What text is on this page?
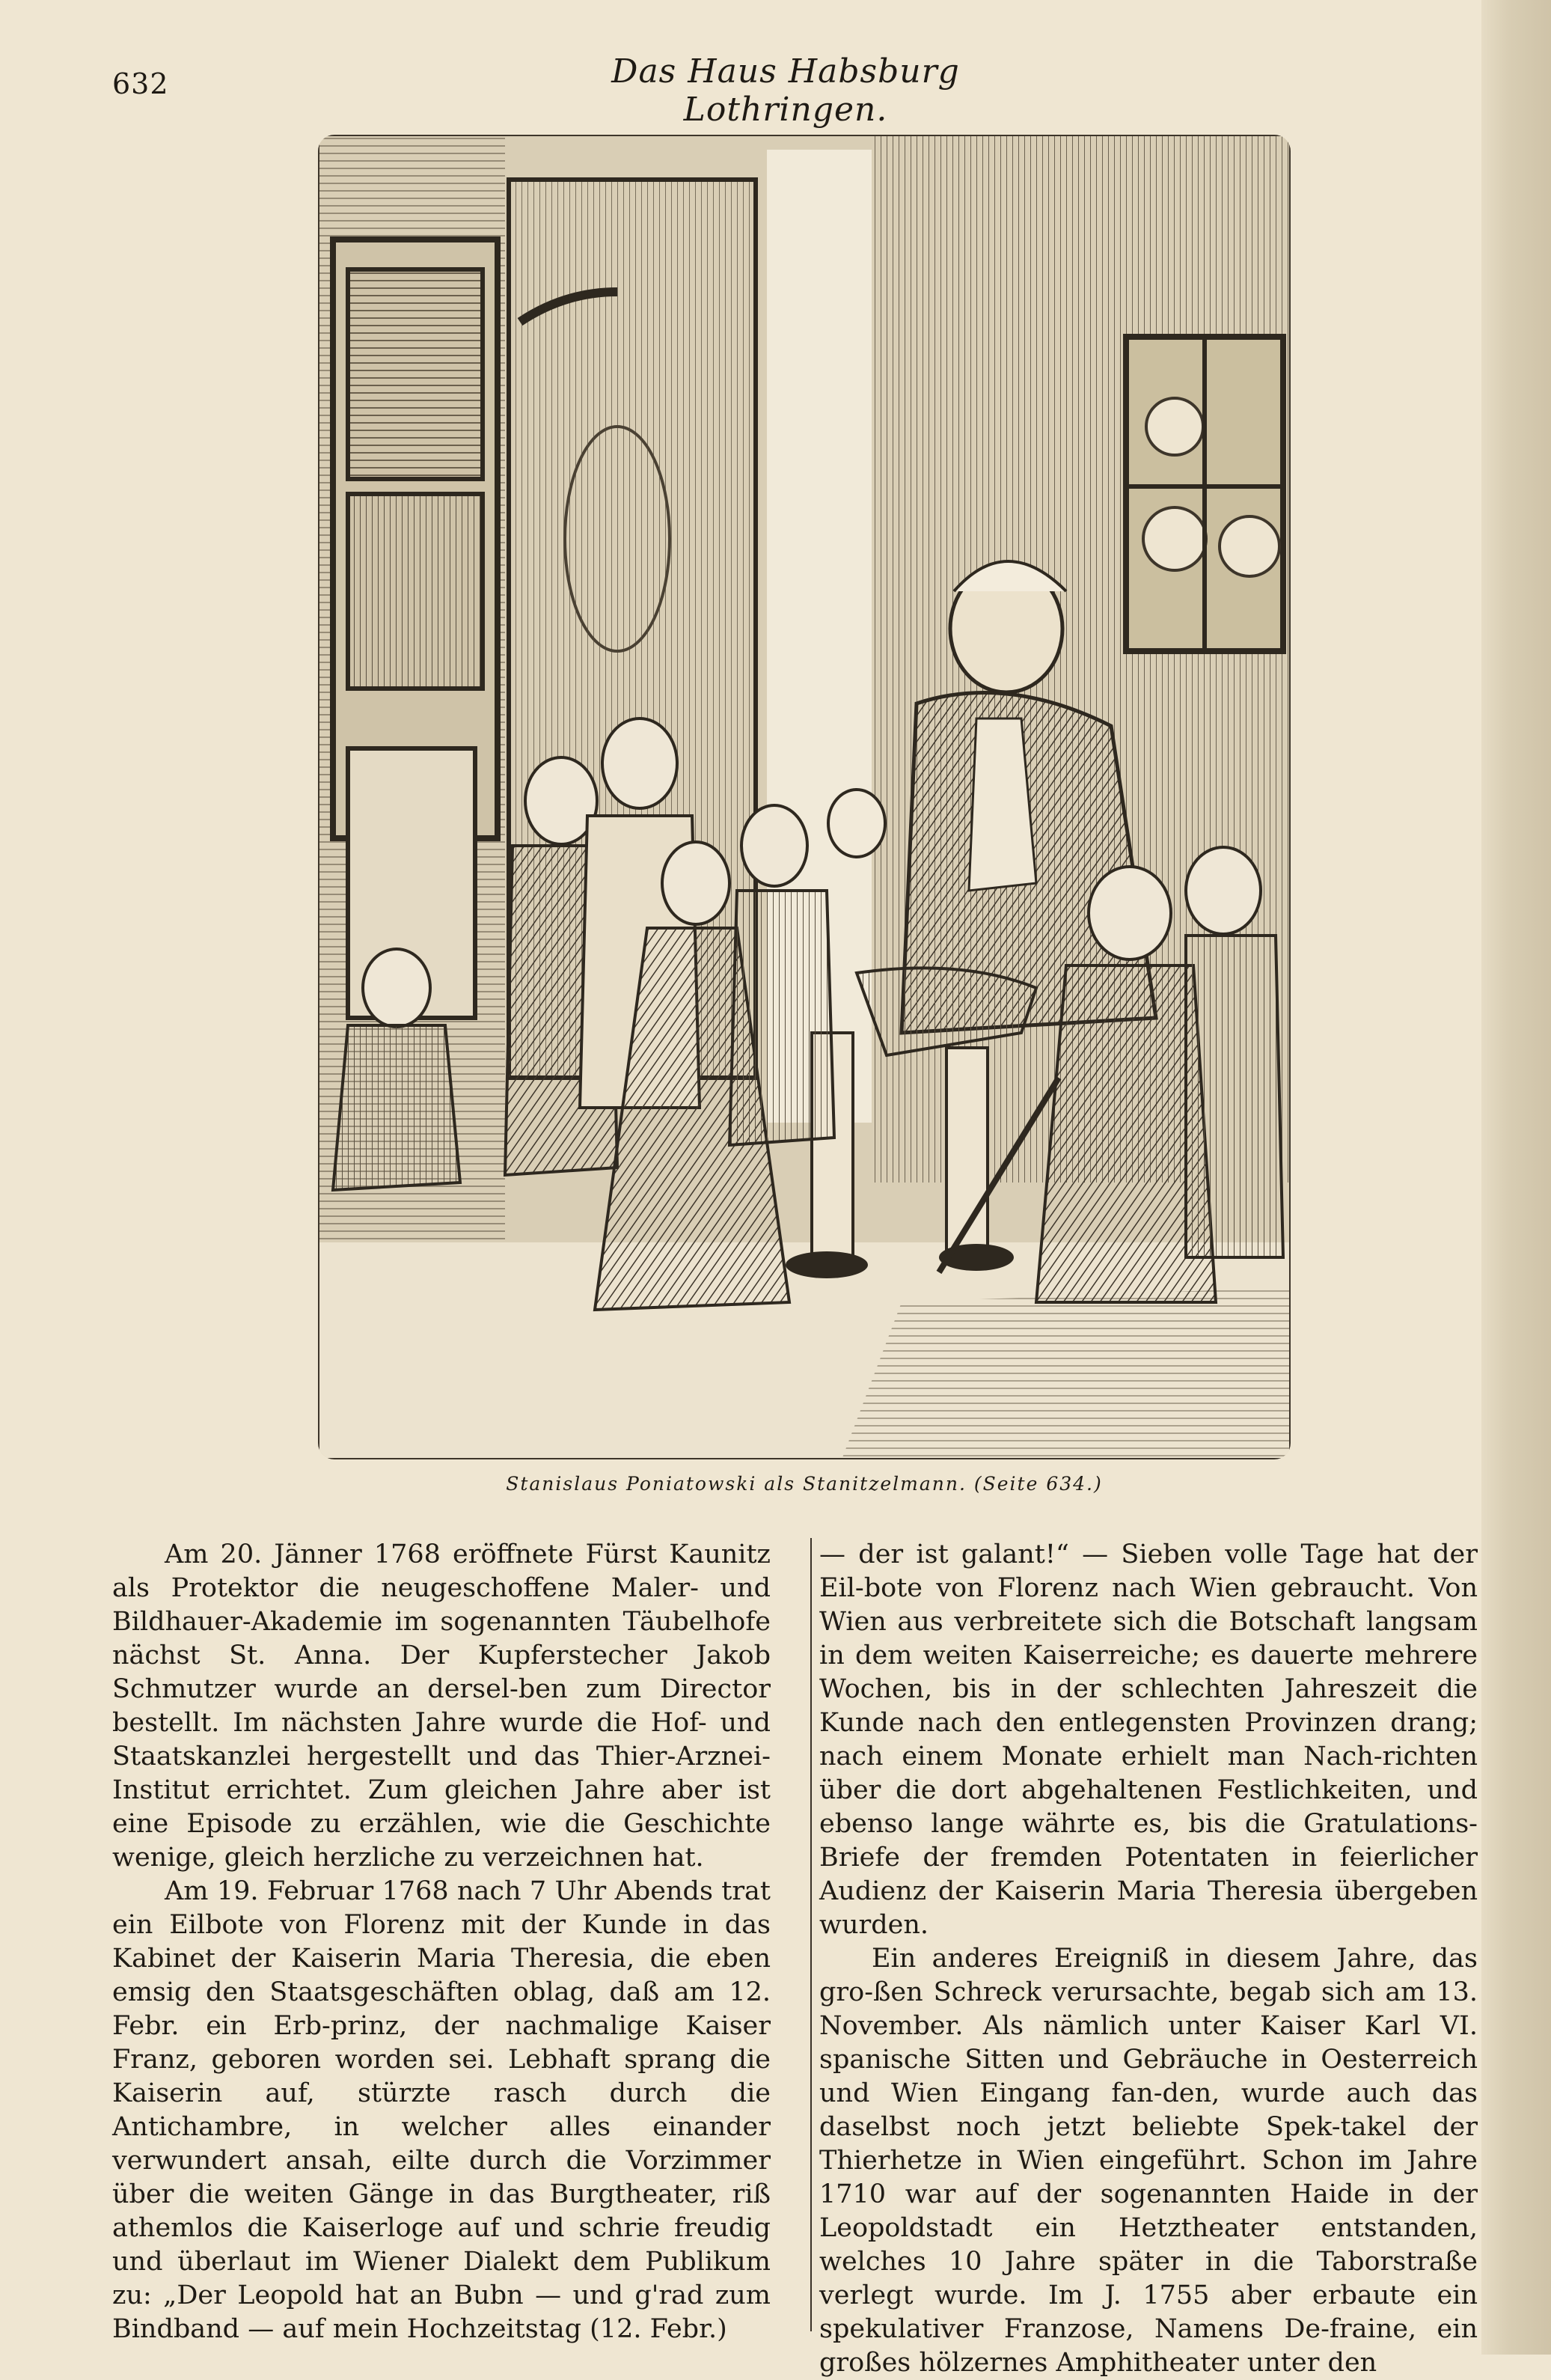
632	Das Haus Habsburg Lothringen.
Stanislaus Poniatowski als Stanitzelmann. (Seite 634.)

Am 20. Jänner 1768 eröffnete Fürst Kaunitz als Protektor die neugeschoffene Maler- und Bildhauer-Akademie im sogenannten Täubelhofe nächst St. Anna. Der Kupferstecher Jakob Schmutzer wurde an dersel-ben zum Director bestellt. Im nächsten Jahre wurde die Hof- und Staatskanzlei hergestellt und das Thier-Arznei-Institut errichtet. Zum gleichen Jahre aber ist eine Episode zu erzählen, wie die Geschichte wenige, gleich herzliche zu verzeichnen hat.

Am 19. Februar 1768 nach 7 Uhr Abends trat ein Eilbote von Florenz mit der Kunde in das Kabinet der Kaiserin Maria Theresia, die eben emsig den Staatsgeschäften oblag, daß am 12. Febr. ein Erb-prinz, der nachmalige Kaiser Franz, geboren worden sei. Lebhaft sprang die Kaiserin auf, stürzte rasch durch die Antichambre, in welcher alles einander verwundert ansah, eilte durch die Vorzimmer über die weiten Gänge in das Burgtheater, riß athemlos die Kaiserloge auf und schrie freudig und überlaut im Wiener Dialekt dem Publikum zu: „Der Leopold hat an Bubn — und g'rad zum Bindband — auf mein Hochzeitstag (12. Febr.)

— der ist galant!“ — Sieben volle Tage hat der Eil-bote von Florenz nach Wien gebraucht. Von Wien aus verbreitete sich die Botschaft langsam in dem weiten Kaiserreiche; es dauerte mehrere Wochen, bis in der schlechten Jahreszeit die Kunde nach den entlegensten Provinzen drang; nach einem Monate erhielt man Nach-richten über die dort abgehaltenen Festlichkeiten, und ebenso lange währte es, bis die Gratulations-Briefe der fremden Potentaten in feierlicher Audienz der Kaiserin Maria Theresia übergeben wurden.

Ein anderes Ereigniß in diesem Jahre, das gro-ßen Schreck verursachte, begab sich am 13. November. Als nämlich unter Kaiser Karl VI. spanische Sitten und Gebräuche in Oesterreich und Wien Eingang fan-den, wurde auch das daselbst noch jetzt beliebte Spek-takel der Thierhetze in Wien eingeführt. Schon im Jahre 1710 war auf der sogenannten Haide in der Leopoldstadt ein Hetztheater entstanden, welches 10 Jahre später in die Taborstraße verlegt wurde. Im J. 1755 aber erbaute ein spekulativer Franzose, Namens De-fraine, ein großes hölzernes Amphitheater unter den
